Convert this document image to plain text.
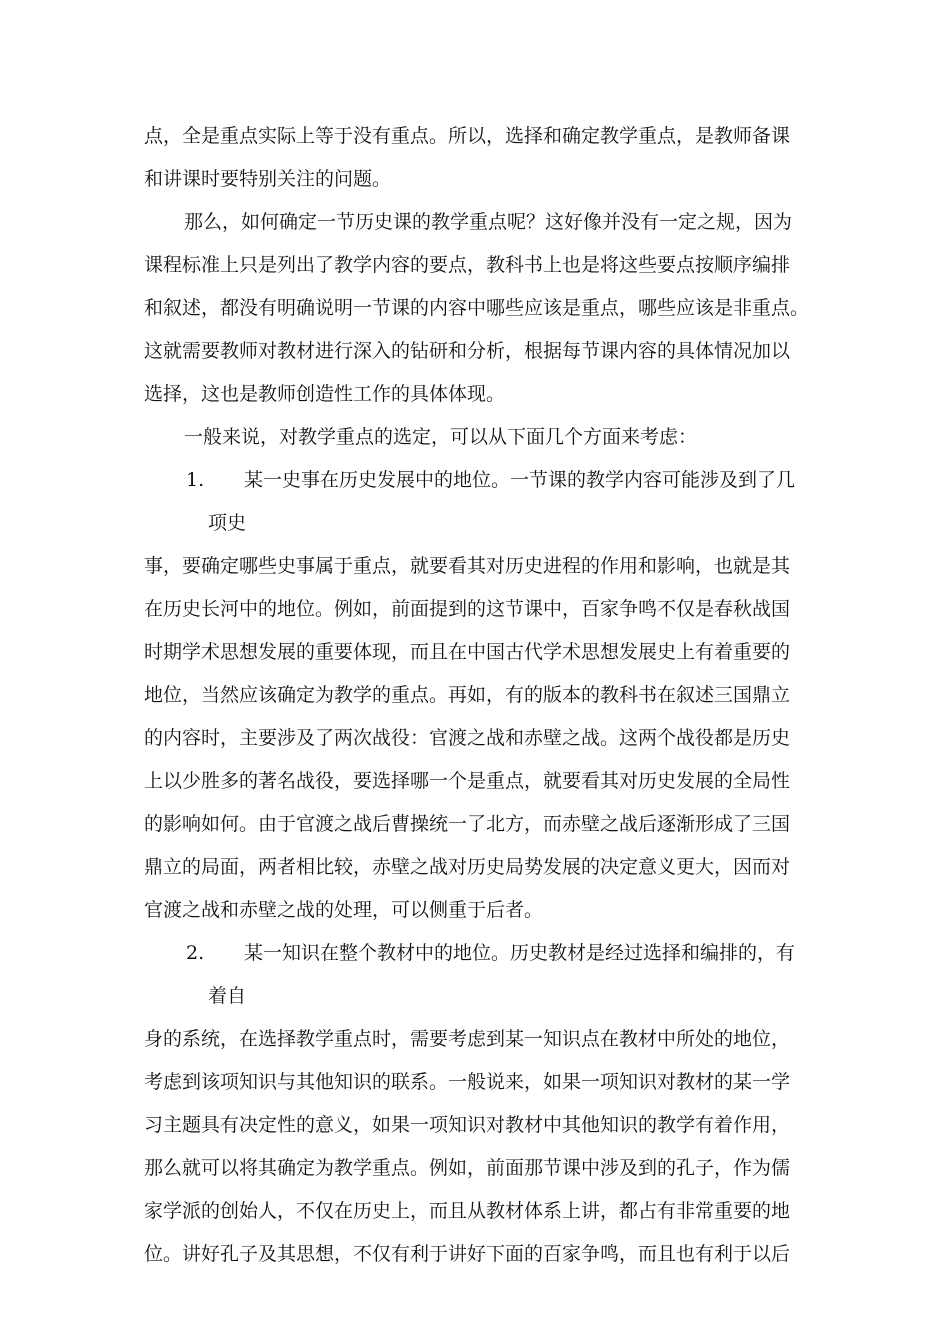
点，全是重点实际上等于没有重点。所以，选择和确定教学重点，是教师备课

和讲课时要特别关注的问题。

那么，如何确定一节历史课的教学重点呢？这好像并没有一定之规，因为

课程标准上只是列出了教学内容的要点，教科书上也是将这些要点按顺序编排

和叙述，都没有明确说明一节课的内容中哪些应该是重点，哪些应该是非重点。

这就需要教师对教材进行深入的钻研和分析，根据每节课内容的具体情况加以

选择，这也是教师创造性工作的具体体现。

一般来说，对教学重点的选定，可以从下面几个方面来考虑：

1. 某一史事在历史发展中的地位。一节课的教学内容可能涉及到了几

项史

事，要确定哪些史事属于重点，就要看其对历史进程的作用和影响，也就是其

在历史长河中的地位。例如，前面提到的这节课中，百家争鸣不仅是春秋战国

时期学术思想发展的重要体现，而且在中国古代学术思想发展史上有着重要的

地位，当然应该确定为教学的重点。再如，有的版本的教科书在叙述三国鼎立

的内容时，主要涉及了两次战役：官渡之战和赤壁之战。这两个战役都是历史

上以少胜多的著名战役，要选择哪一个是重点，就要看其对历史发展的全局性

的影响如何。由于官渡之战后曹操统一了北方，而赤壁之战后逐渐形成了三国

鼎立的局面，两者相比较，赤壁之战对历史局势发展的决定意义更大，因而对

官渡之战和赤壁之战的处理，可以侧重于后者。

2. 某一知识在整个教材中的地位。历史教材是经过选择和编排的，有

着自

身的系统，在选择教学重点时，需要考虑到某一知识点在教材中所处的地位，

考虑到该项知识与其他知识的联系。一般说来，如果一项知识对教材的某一学

习主题具有决定性的意义，如果一项知识对教材中其他知识的教学有着作用，

那么就可以将其确定为教学重点。例如，前面那节课中涉及到的孔子，作为儒

家学派的创始人，不仅在历史上，而且从教材体系上讲，都占有非常重要的地

位。讲好孔子及其思想，不仅有利于讲好下面的百家争鸣，而且也有利于以后
